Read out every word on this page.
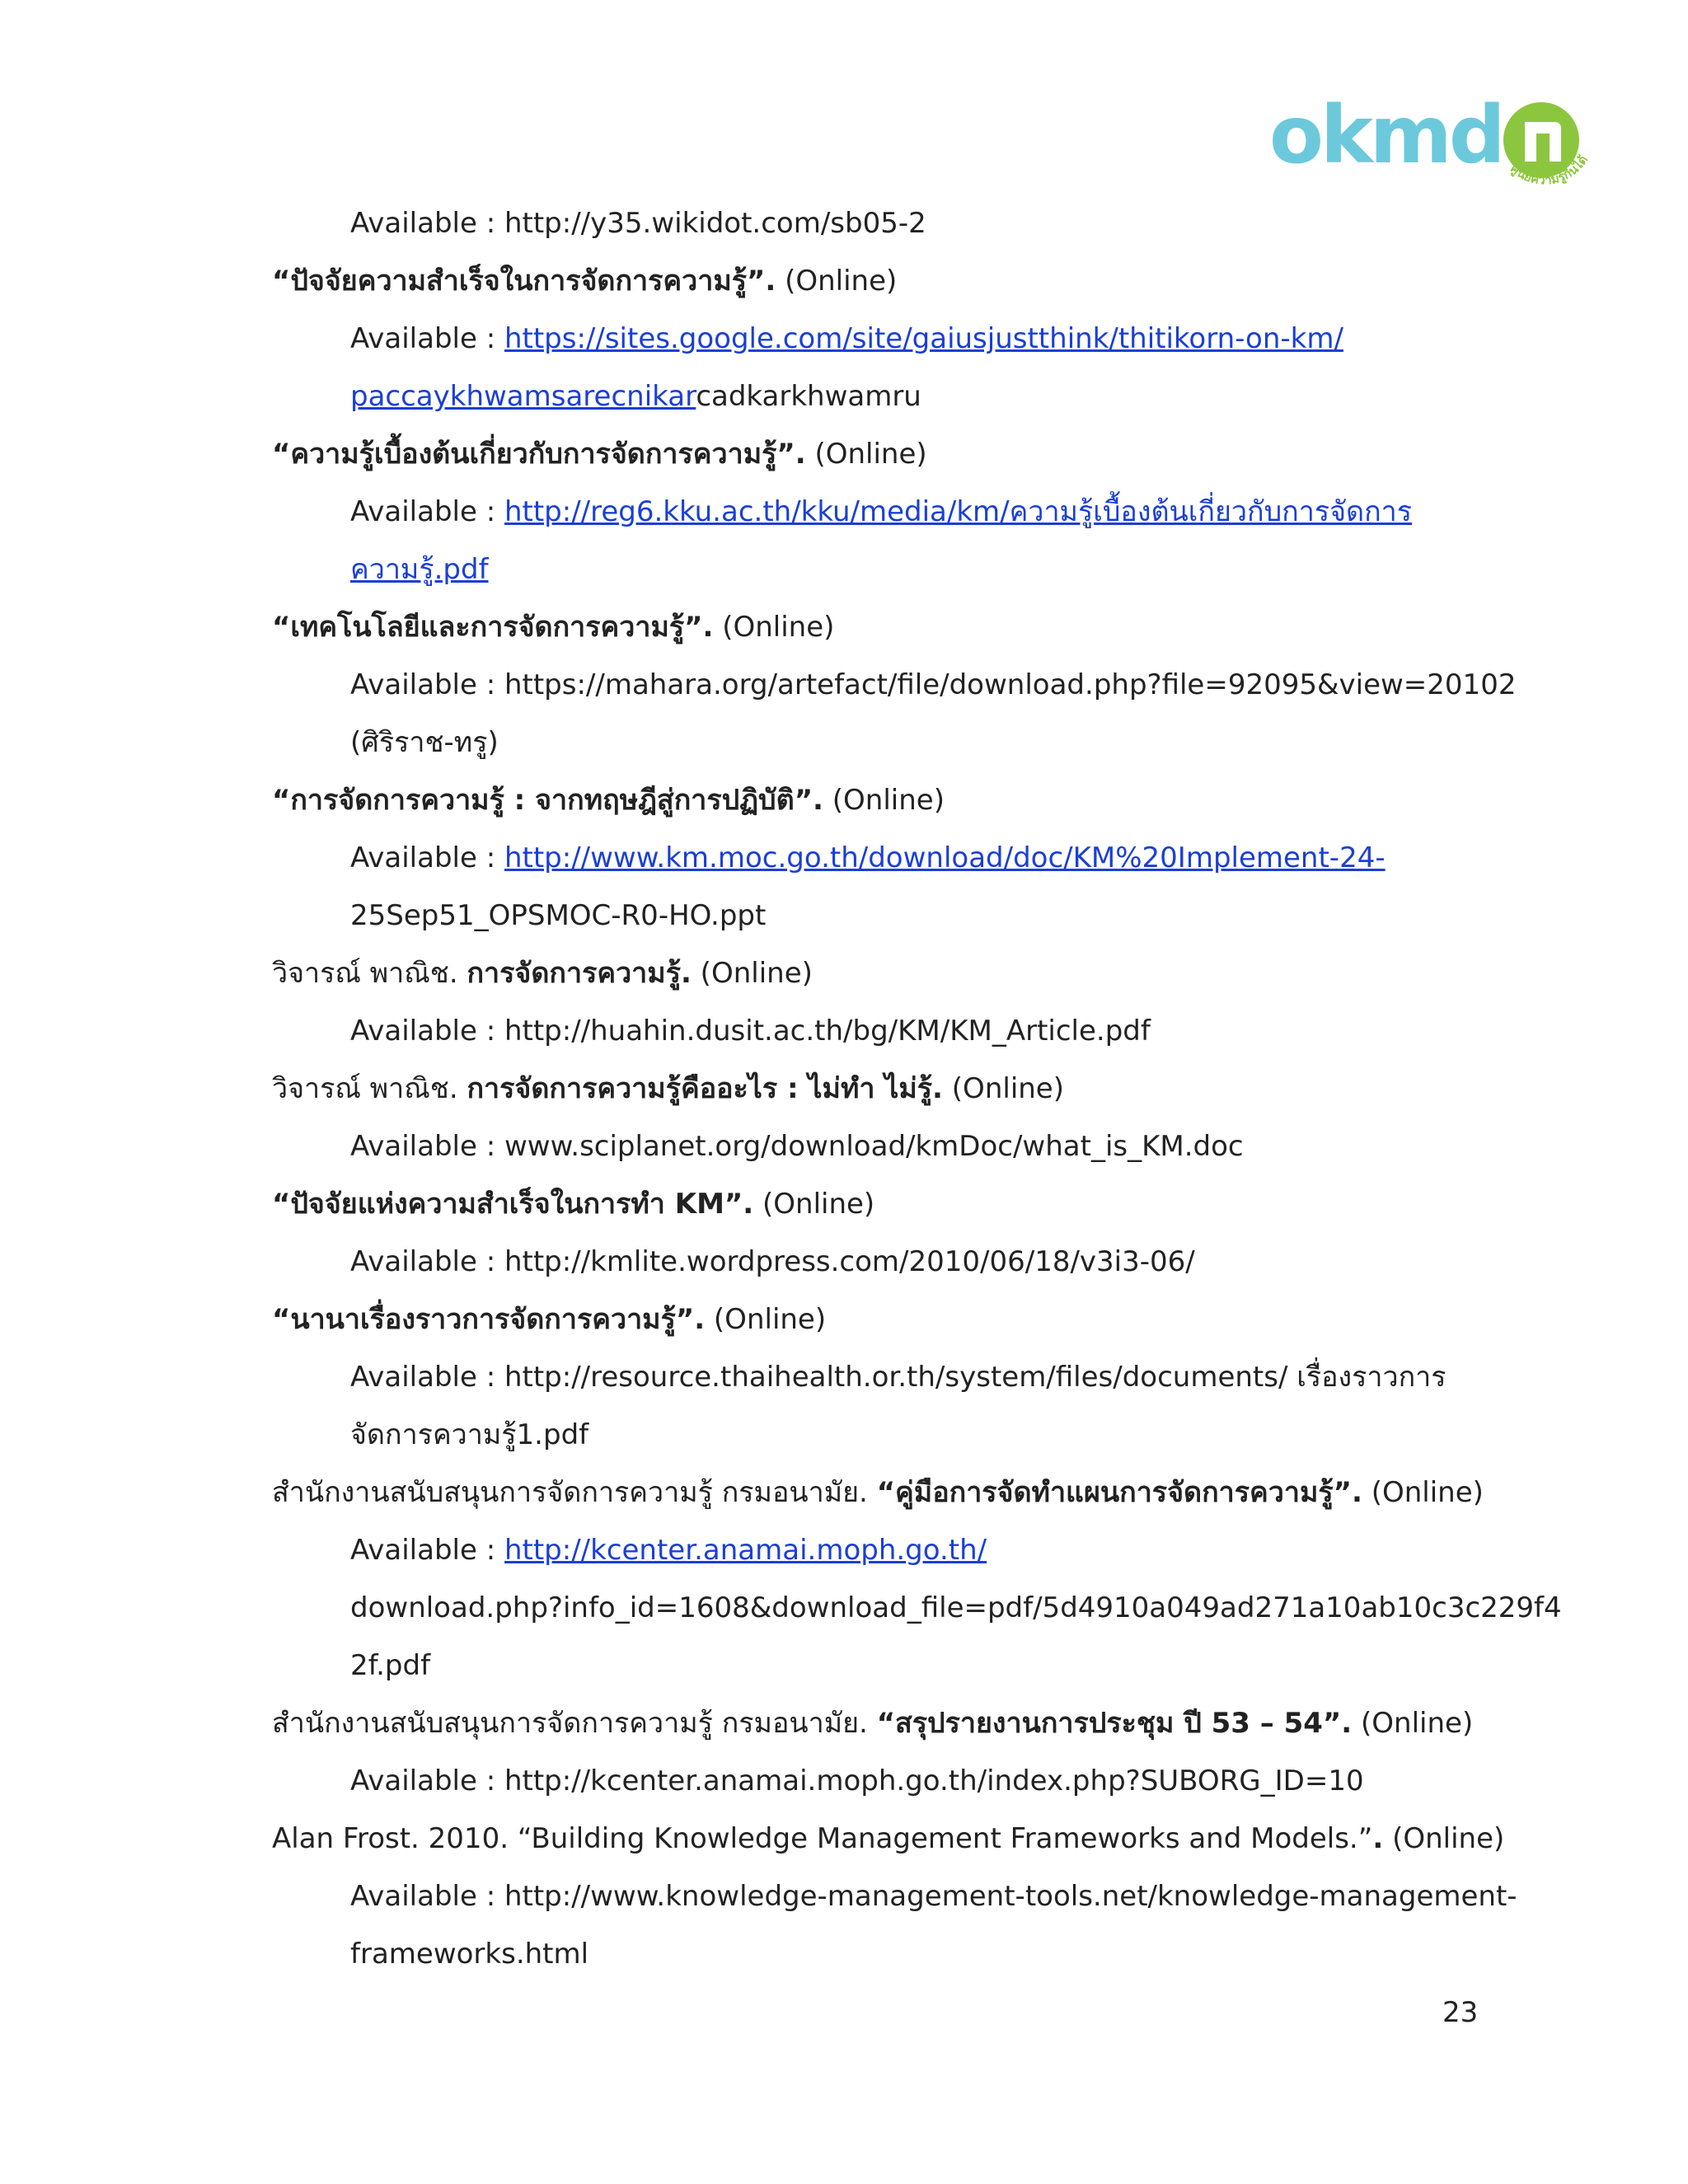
okmd ศูนย์ความรู้กินได้
Available : http://y35.wikidot.com/sb05-2
“ปัจจัยความสำเร็จในการจัดการความรู้”. (Online)
Available : https://sites.google.com/site/gaiusjustthink/thitikorn-on-km/
paccaykhwamsarecnikarcadkarkhwamru
“ความรู้เบื้องต้นเกี่ยวกับการจัดการความรู้”. (Online)
Available : http://reg6.kku.ac.th/kku/media/km/ความรู้เบื้องต้นเกี่ยวกับการจัดการ
ความรู้.pdf
“เทคโนโลยีและการจัดการความรู้”. (Online)
Available : https://mahara.org/artefact/file/download.php?file=92095&view=20102
(ศิริราช-ทรู)
“การจัดการความรู้ : จากทฤษฎีสู่การปฏิบัติ”. (Online)
Available : http://www.km.moc.go.th/download/doc/KM%20Implement-24-
25Sep51_OPSMOC-R0-HO.ppt
วิจารณ์ พาณิช. การจัดการความรู้. (Online)
Available : http://huahin.dusit.ac.th/bg/KM/KM_Article.pdf
วิจารณ์ พาณิช. การจัดการความรู้คืออะไร : ไม่ทำ ไม่รู้. (Online)
Available : www.sciplanet.org/download/kmDoc/what_is_KM.doc
“ปัจจัยแห่งความสำเร็จในการทำ KM”. (Online)
Available : http://kmlite.wordpress.com/2010/06/18/v3i3-06/
“นานาเรื่องราวการจัดการความรู้”. (Online)
Available : http://resource.thaihealth.or.th/system/files/documents/ เรื่องราวการ
จัดการความรู้1.pdf
สำนักงานสนับสนุนการจัดการความรู้ กรมอนามัย. “คู่มือการจัดทำแผนการจัดการความรู้”. (Online)
Available : http://kcenter.anamai.moph.go.th/
download.php?info_id=1608&download_file=pdf/5d4910a049ad271a10ab10c3c229f4
2f.pdf
สำนักงานสนับสนุนการจัดการความรู้ กรมอนามัย. “สรุปรายงานการประชุม ปี 53 – 54”. (Online)
Available : http://kcenter.anamai.moph.go.th/index.php?SUBORG_ID=10
Alan Frost. 2010. “Building Knowledge Management Frameworks and Models.”. (Online)
Available : http://www.knowledge-management-tools.net/knowledge-management-
frameworks.html
23
